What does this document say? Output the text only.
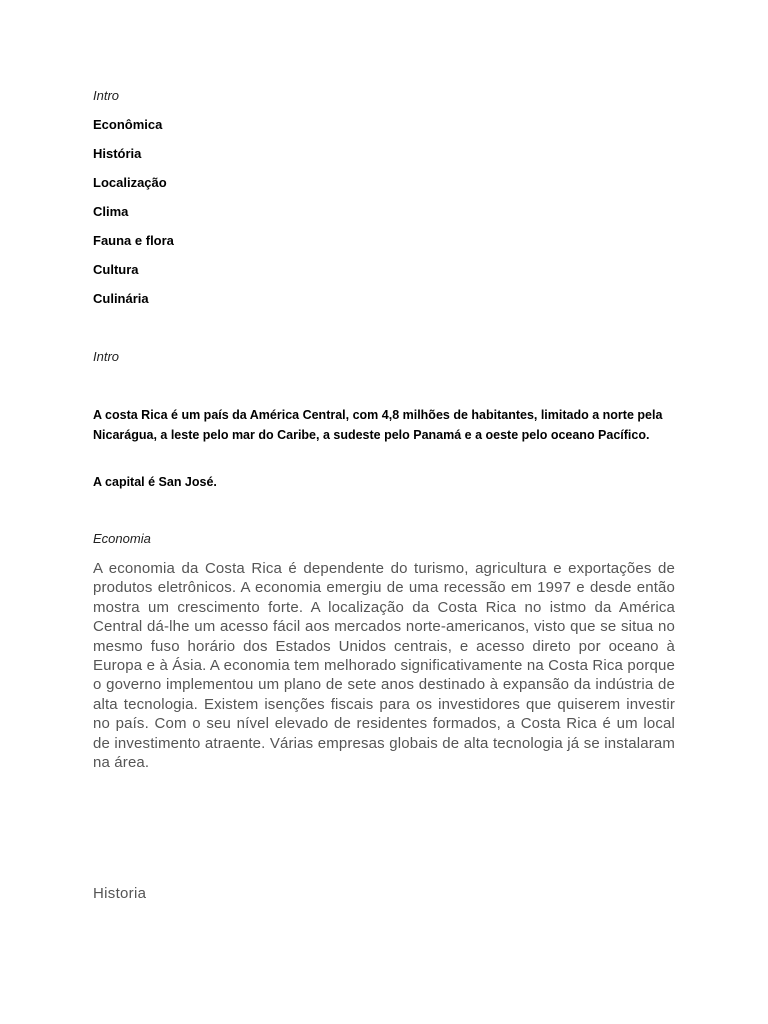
Intro

Econômica
História
Localização
Clima
Fauna e flora
Cultura
Culinária
Intro

A costa Rica é um país da América Central, com 4,8 milhões de habitantes, limitado a norte pela Nicarágua, a leste pelo mar do Caribe, a sudeste pelo Panamá e a oeste pelo oceano Pacífico.

A capital é San José.

Economia

A economia da Costa Rica é dependente do turismo, agricultura e exportações de produtos eletrônicos. A economia emergiu de uma recessão em 1997 e desde então mostra um crescimento forte. A localização da Costa Rica no istmo da América Central dá-lhe um acesso fácil aos mercados norte-americanos, visto que se situa no mesmo fuso horário dos Estados Unidos centrais, e acesso direto por oceano à Europa e à Ásia. A economia tem melhorado significativamente na Costa Rica porque o governo implementou um plano de sete anos destinado à expansão da indústria de alta tecnologia. Existem isenções fiscais para os investidores que quiserem investir no país. Com o seu nível elevado de residentes formados, a Costa Rica é um local de investimento atraente. Várias empresas globais de alta tecnologia já se instalaram na área.

Historia
